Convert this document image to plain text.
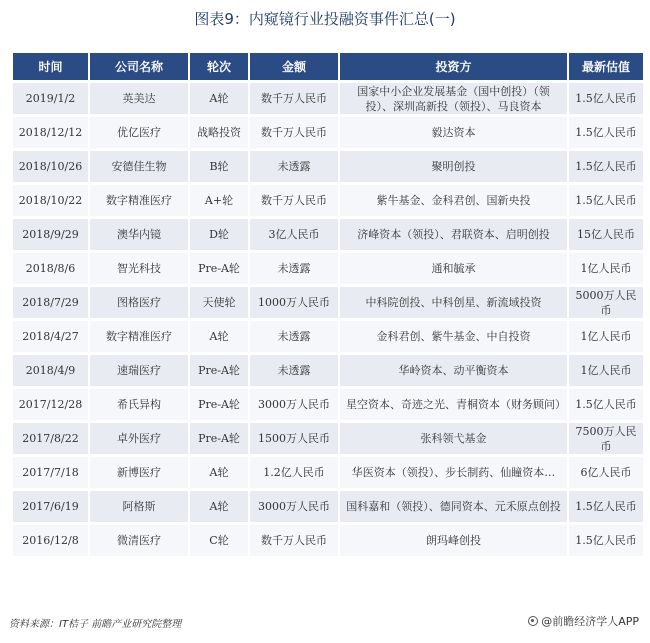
图表9：内窥镜行业投融资事件汇总(一)
时间	公司名称	轮次	金额	投资方	最新估值
2019/1/2	英美达	A轮	数千万人民币	国家中小企业发展基金（国中创投）（领投）、深圳高新投（领投）、马良资本	1.5亿人民币
2018/12/12	优亿医疗	战略投资	数千万人民币	毅达资本	1.5亿人民币
2018/10/26	安德佳生物	B轮	未透露	聚明创投	1.5亿人民币
2018/10/22	数字精准医疗	A+轮	数千万人民币	紫牛基金、金科君创、国新央投	1.5亿人民币
2018/9/29	澳华内镜	D轮	3亿人民币	济峰资本（领投）、君联资本、启明创投	15亿人民币
2018/8/6	智光科技	Pre-A轮	未透露	通和毓承	1亿人民币
2018/7/29	图格医疗	天使轮	1000万人民币	中科院创投、中科创星、新流域投资	5000万人民币
2018/4/27	数字精准医疗	A轮	未透露	金科君创、紫牛基金、中自投资	1亿人民币
2018/4/9	速瑞医疗	Pre-A轮	未透露	华岭资本、动平衡资本	1亿人民币
2017/12/28	希氏异构	Pre-A轮	3000万人民币	星空资本、奇迹之光、青桐资本（财务顾问）	1.5亿人民币
2017/8/22	卓外医疗	Pre-A轮	1500万人民币	张科领弋基金	7500万人民币
2017/7/18	新博医疗	A轮	1.2亿人民币	华医资本（领投）、步长制药、仙瞳资本…	6亿人民币
2017/6/19	阿格斯	A轮	3000万人民币	国科嘉和（领投）、德同资本、元禾原点创投	1.5亿人民币
2016/12/8	微清医疗	C轮	数千万人民币	朗玛峰创投	1.5亿人民币
资料来源：IT桔子 前瞻产业研究院整理	@前瞻经济学人APP
